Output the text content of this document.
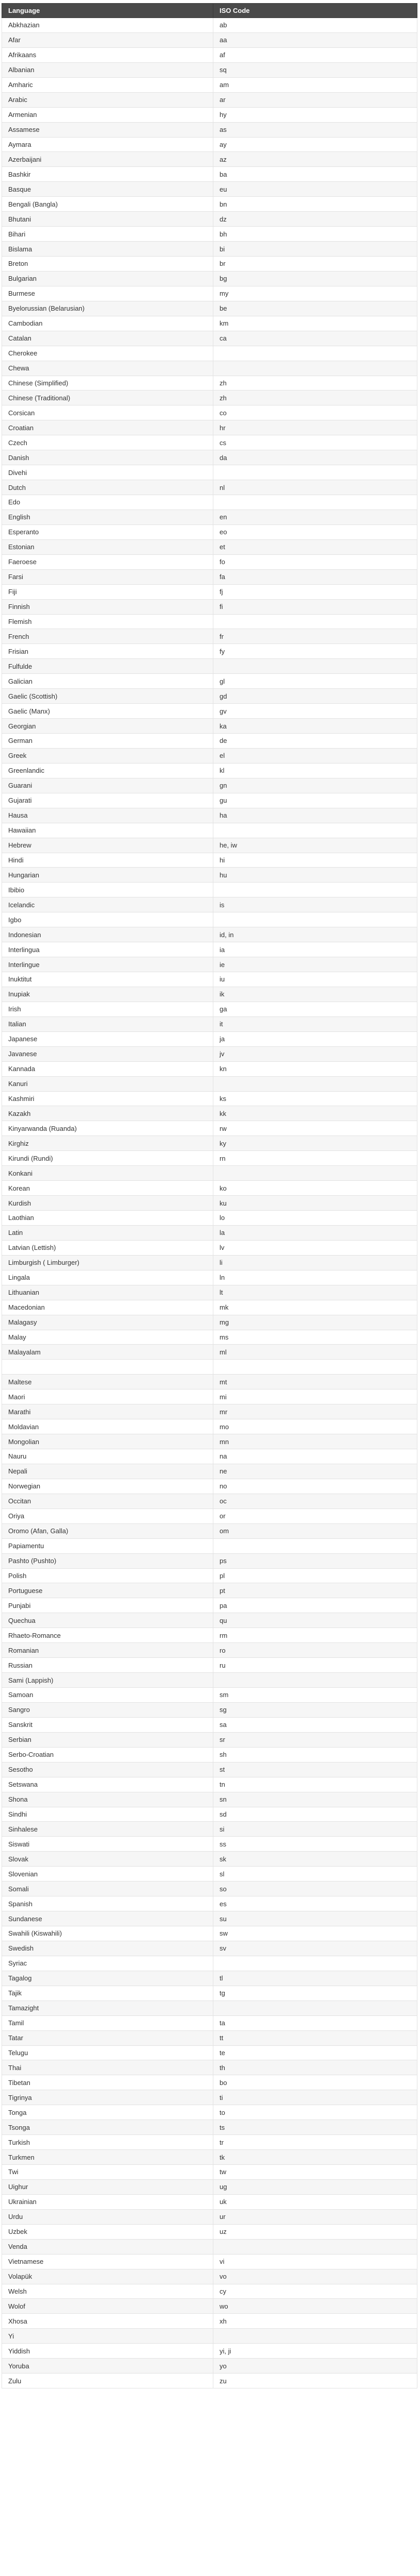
Language	ISO Code
Abkhazian	ab
Afar	aa
Afrikaans	af
Albanian	sq
Amharic	am
Arabic	ar
Armenian	hy
Assamese	as
Aymara	ay
Azerbaijani	az
Bashkir	ba
Basque	eu
Bengali (Bangla)	bn
Bhutani	dz
Bihari	bh
Bislama	bi
Breton	br
Bulgarian	bg
Burmese	my
Byelorussian (Belarusian)	be
Cambodian	km
Catalan	ca
Cherokee	
Chewa	
Chinese (Simplified)	zh
Chinese (Traditional)	zh
Corsican	co
Croatian	hr
Czech	cs
Danish	da
Divehi	
Dutch	nl
Edo	
English	en
Esperanto	eo
Estonian	et
Faeroese	fo
Farsi	fa
Fiji	fj
Finnish	fi
Flemish	
French	fr
Frisian	fy
Fulfulde	
Galician	gl
Gaelic (Scottish)	gd
Gaelic (Manx)	gv
Georgian	ka
German	de
Greek	el
Greenlandic	kl
Guarani	gn
Gujarati	gu
Hausa	ha
Hawaiian	
Hebrew	he, iw
Hindi	hi
Hungarian	hu
Ibibio	
Icelandic	is
Igbo	
Indonesian	id, in
Interlingua	ia
Interlingue	ie
Inuktitut	iu
Inupiak	ik
Irish	ga
Italian	it
Japanese	ja
Javanese	jv
Kannada	kn
Kanuri	
Kashmiri	ks
Kazakh	kk
Kinyarwanda (Ruanda)	rw
Kirghiz	ky
Kirundi (Rundi)	rn
Konkani	
Korean	ko
Kurdish	ku
Laothian	lo
Latin	la
Latvian (Lettish)	lv
Limburgish ( Limburger)	li
Lingala	ln
Lithuanian	lt
Macedonian	mk
Malagasy	mg
Malay	ms
Malayalam	ml

Maltese	mt
Maori	mi
Marathi	mr
Moldavian	mo
Mongolian	mn
Nauru	na
Nepali	ne
Norwegian	no
Occitan	oc
Oriya	or
Oromo (Afan, Galla)	om
Papiamentu	
Pashto (Pushto)	ps
Polish	pl
Portuguese	pt
Punjabi	pa
Quechua	qu
Rhaeto-Romance	rm
Romanian	ro
Russian	ru
Sami (Lappish)	
Samoan	sm
Sangro	sg
Sanskrit	sa
Serbian	sr
Serbo-Croatian	sh
Sesotho	st
Setswana	tn
Shona	sn
Sindhi	sd
Sinhalese	si
Siswati	ss
Slovak	sk
Slovenian	sl
Somali	so
Spanish	es
Sundanese	su
Swahili (Kiswahili)	sw
Swedish	sv
Syriac	
Tagalog	tl
Tajik	tg
Tamazight	
Tamil	ta
Tatar	tt
Telugu	te
Thai	th
Tibetan	bo
Tigrinya	ti
Tonga	to
Tsonga	ts
Turkish	tr
Turkmen	tk
Twi	tw
Uighur	ug
Ukrainian	uk
Urdu	ur
Uzbek	uz
Venda	
Vietnamese	vi
Volapük	vo
Welsh	cy
Wolof	wo
Xhosa	xh
Yi	
Yiddish	yi, ji
Yoruba	yo
Zulu	zu
